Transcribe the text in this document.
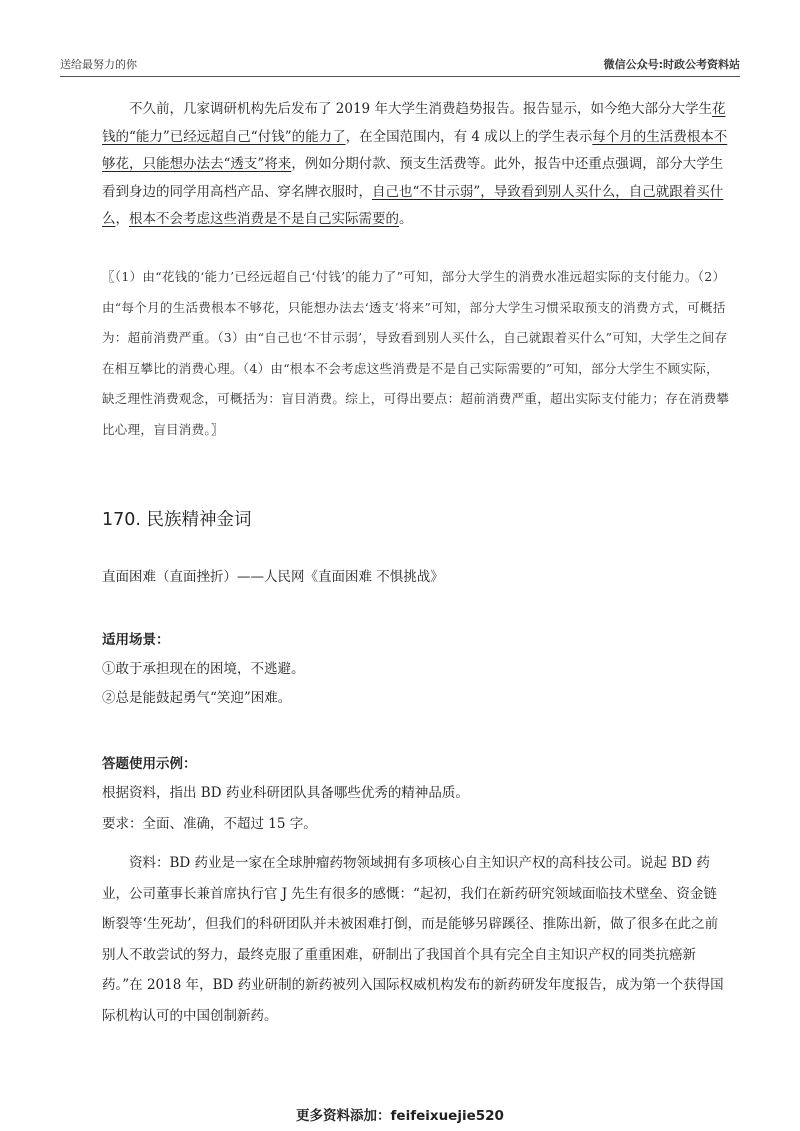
送给最努力的你	微信公众号:时政公考资料站
不久前，几家调研机构先后发布了 2019 年大学生消费趋势报告。报告显示，如今绝大部分大学生花钱的“能力”已经远超自己“付钱”的能力了，在全国范围内，有 4 成以上的学生表示每个月的生活费根本不够花，只能想办法去“透支”将来，例如分期付款、预支生活费等。此外，报告中还重点强调，部分大学生看到身边的同学用高档产品、穿名牌衣服时，自己也“不甘示弱”，导致看到别人买什么，自己就跟着买什么，根本不会考虑这些消费是不是自己实际需要的。
〖（1）由“花钱的‘能力’已经远超自己‘付钱’的能力了”可知，部分大学生的消费水准远超实际的支付能力。（2）由“每个月的生活费根本不够花，只能想办法去‘透支’将来”可知，部分大学生习惯采取预支的消费方式，可概括为：超前消费严重。（3）由“自己也‘不甘示弱’，导致看到别人买什么，自己就跟着买什么”可知，大学生之间存在相互攀比的消费心理。（4）由“根本不会考虑这些消费是不是自己实际需要的”可知，部分大学生不顾实际，缺乏理性消费观念，可概括为：盲目消费。综上，可得出要点：超前消费严重，超出实际支付能力；存在消费攀比心理，盲目消费。〗
170. 民族精神金词
直面困难（直面挫折）——人民网《直面困难 不惧挑战》
适用场景：
①敢于承担现在的困境，不逃避。
②总是能鼓起勇气“笑迎”困难。
答题使用示例：
根据资料，指出 BD 药业科研团队具备哪些优秀的精神品质。
要求：全面、准确，不超过 15 字。
资料：BD 药业是一家在全球肿瘤药物领域拥有多项核心自主知识产权的高科技公司。说起 BD 药业，公司董事长兼首席执行官 J 先生有很多的感慨：“起初，我们在新药研究领域面临技术壁垒、资金链断裂等‘生死劫’，但我们的科研团队并未被困难打倒，而是能够另辟蹊径、推陈出新，做了很多在此之前别人不敢尝试的努力，最终克服了重重困难，研制出了我国首个具有完全自主知识产权的同类抗癌新药。”在 2018 年，BD 药业研制的新药被列入国际权威机构发布的新药研发年度报告，成为第一个获得国际机构认可的中国创制新药。
更多资料添加：feifeixuejie520
